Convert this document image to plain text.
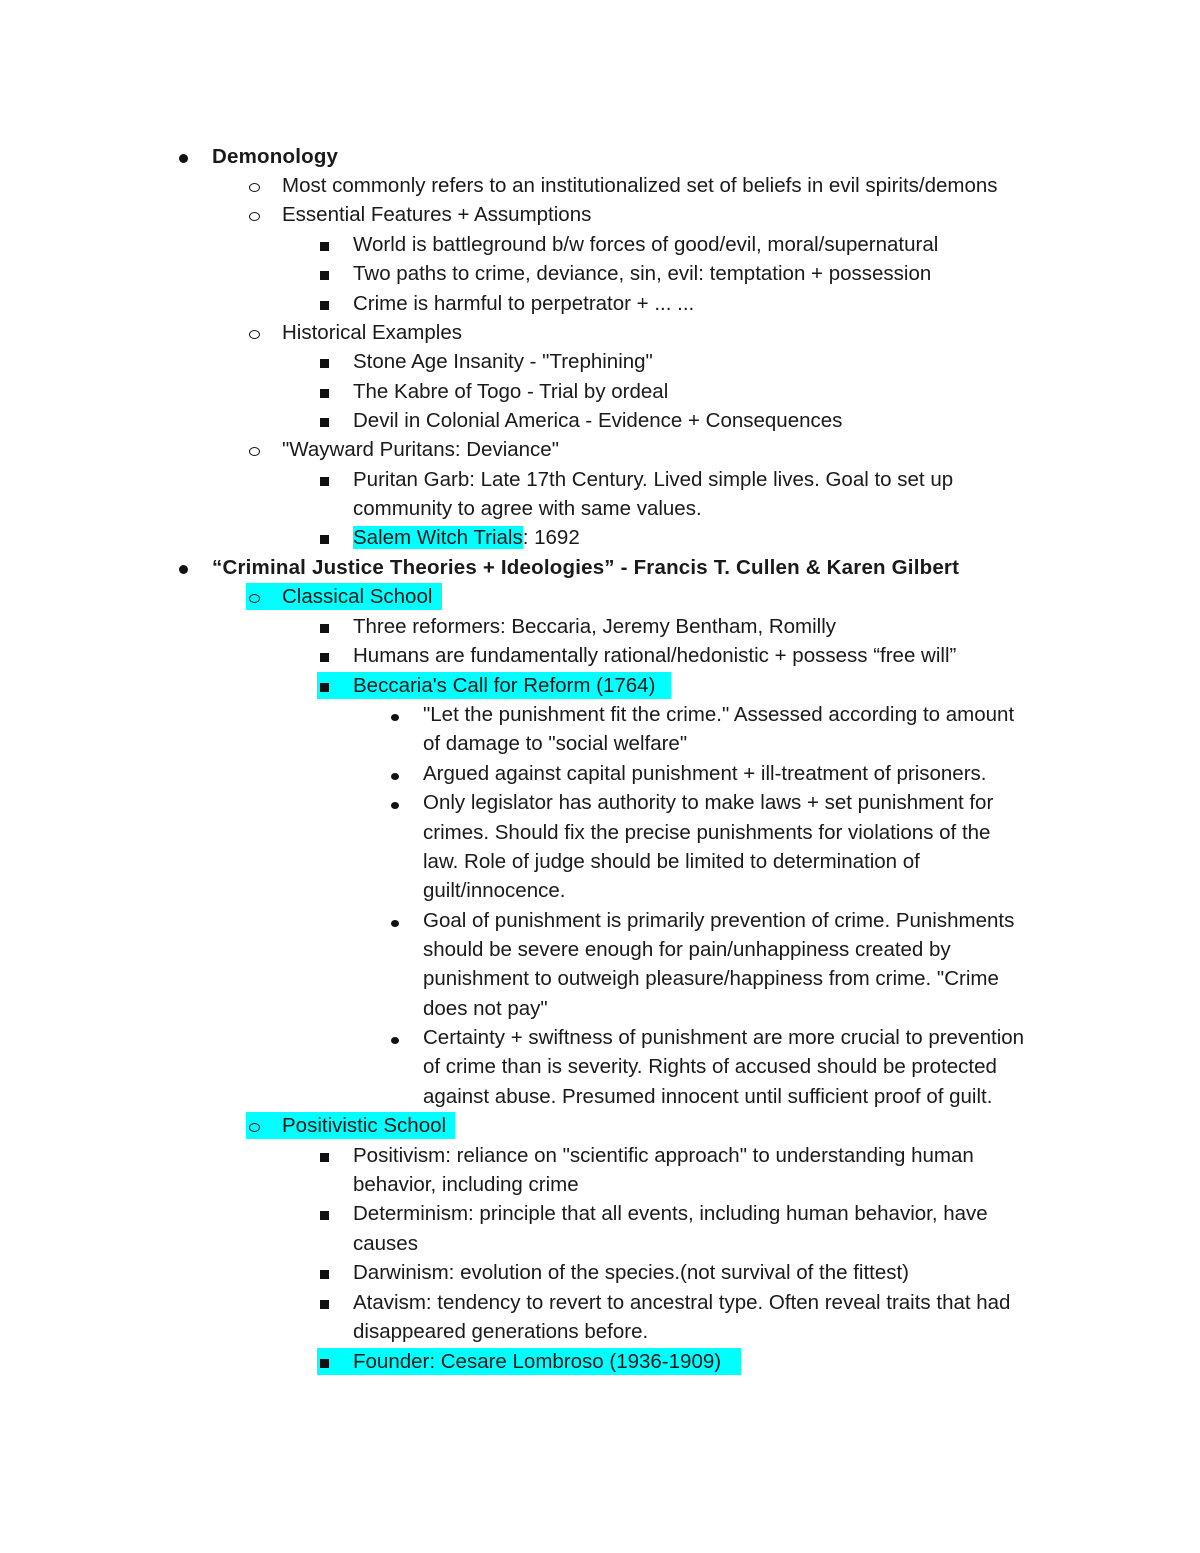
Demonology
Most commonly refers to an institutionalized set of beliefs in evil spirits/demons
Essential Features + Assumptions
World is battleground b/w forces of good/evil, moral/supernatural
Two paths to crime, deviance, sin, evil: temptation + possession
Crime is harmful to perpetrator + ... ...
Historical Examples
Stone Age Insanity - "Trephining"
The Kabre of Togo - Trial by ordeal
Devil in Colonial America - Evidence + Consequences
"Wayward Puritans: Deviance"
Puritan Garb: Late 17th Century. Lived simple lives. Goal to set up
community to agree with same values.
Salem Witch Trials: 1692
“Criminal Justice Theories + Ideologies” - Francis T. Cullen & Karen Gilbert
Classical School
Three reformers: Beccaria, Jeremy Bentham, Romilly
Humans are fundamentally rational/hedonistic + possess “free will”
Beccaria's Call for Reform (1764)
"Let the punishment fit the crime." Assessed according to amount
of damage to "social welfare"
Argued against capital punishment + ill-treatment of prisoners.
Only legislator has authority to make laws + set punishment for
crimes. Should fix the precise punishments for violations of the
law. Role of judge should be limited to determination of
guilt/innocence.
Goal of punishment is primarily prevention of crime. Punishments
should be severe enough for pain/unhappiness created by
punishment to outweigh pleasure/happiness from crime. "Crime
does not pay"
Certainty + swiftness of punishment are more crucial to prevention
of crime than is severity. Rights of accused should be protected
against abuse. Presumed innocent until sufficient proof of guilt.
Positivistic School
Positivism: reliance on "scientific approach" to understanding human
behavior, including crime
Determinism: principle that all events, including human behavior, have
causes
Darwinism: evolution of the species.(not survival of the fittest)
Atavism: tendency to revert to ancestral type. Often reveal traits that had
disappeared generations before.
Founder: Cesare Lombroso (1936-1909)
